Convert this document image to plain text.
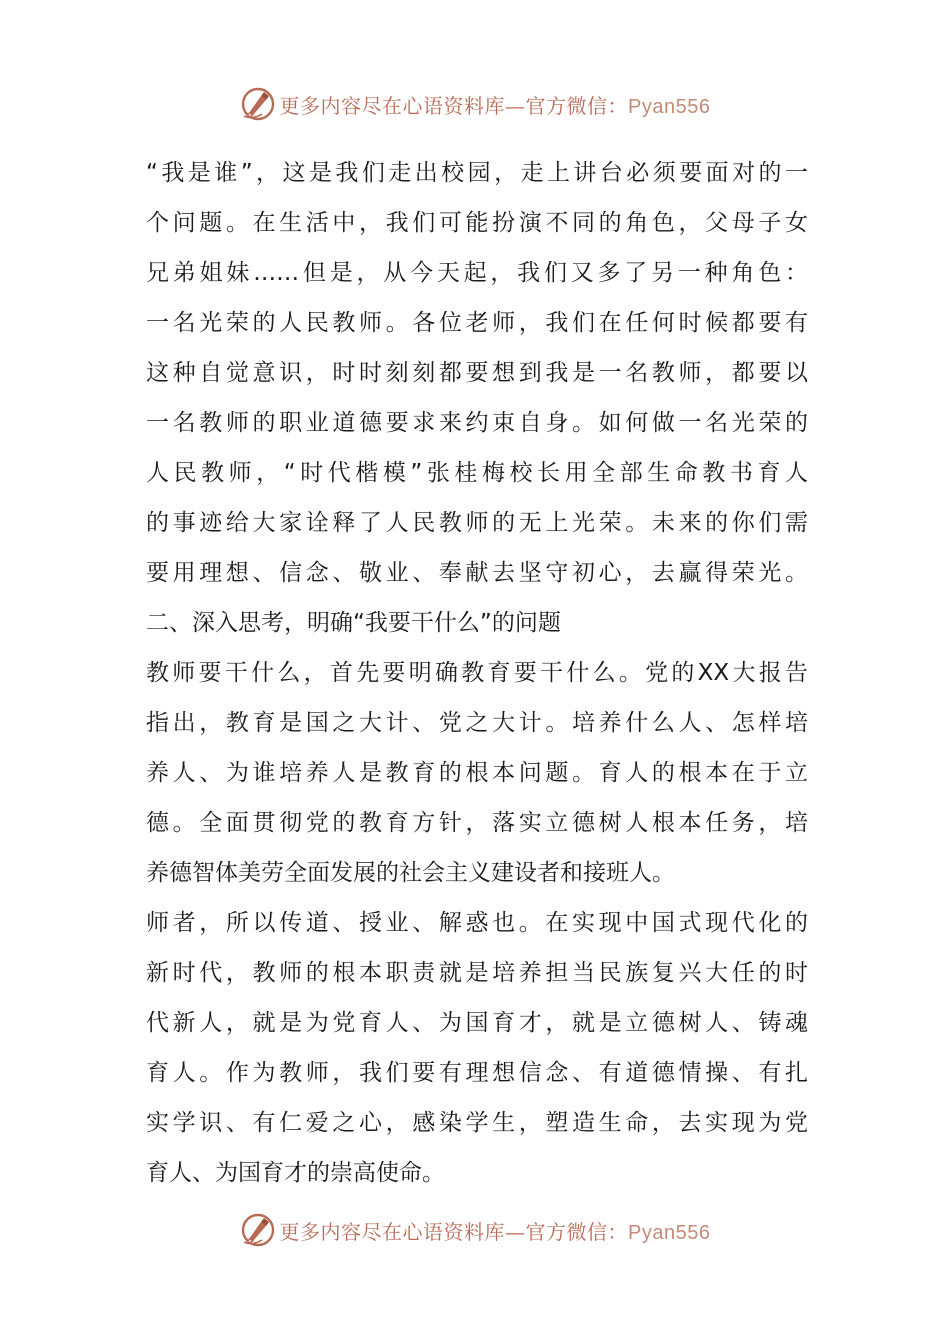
更多内容尽在心语资料库—官方微信：Pyan556
“我是谁”，这是我们走出校园，走上讲台必须要面对的一
个问题。在生活中，我们可能扮演不同的角色，父母子女
兄弟姐妹……但是，从今天起，我们又多了另一种角色：
一名光荣的人民教师。各位老师，我们在任何时候都要有
这种自觉意识，时时刻刻都要想到我是一名教师，都要以
一名教师的职业道德要求来约束自身。如何做一名光荣的
人民教师，“时代楷模”张桂梅校长用全部生命教书育人
的事迹给大家诠释了人民教师的无上光荣。未来的你们需
要用理想、信念、敬业、奉献去坚守初心，去赢得荣光。
二、深入思考，明确“我要干什么”的问题
教师要干什么，首先要明确教育要干什么。党的XX大报告
指出，教育是国之大计、党之大计。培养什么人、怎样培
养人、为谁培养人是教育的根本问题。育人的根本在于立
德。全面贯彻党的教育方针，落实立德树人根本任务，培
养德智体美劳全面发展的社会主义建设者和接班人。
师者，所以传道、授业、解惑也。在实现中国式现代化的
新时代，教师的根本职责就是培养担当民族复兴大任的时
代新人，就是为党育人、为国育才，就是立德树人、铸魂
育人。作为教师，我们要有理想信念、有道德情操、有扎
实学识、有仁爱之心，感染学生，塑造生命，去实现为党
育人、为国育才的崇高使命。
更多内容尽在心语资料库—官方微信：Pyan556
